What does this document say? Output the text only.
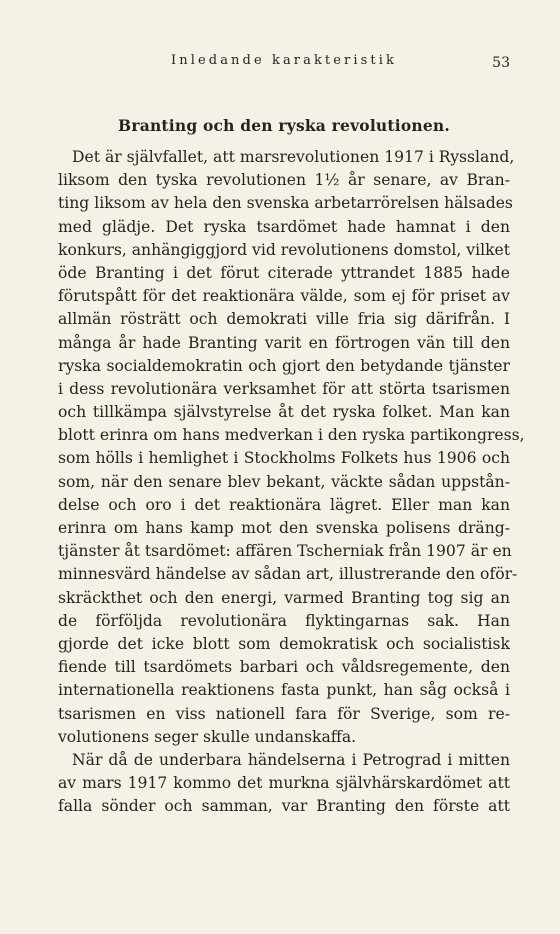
Inledande karakteristik	53
Branting och den ryska revolutionen.
Det är självfallet, att marsrevolutionen 1917 i Ryssland,
liksom den tyska revolutionen 1½ år senare, av Bran-
ting liksom av hela den svenska arbetarrörelsen hälsades
med glädje. Det ryska tsardömet hade hamnat i den
konkurs, anhängiggjord vid revolutionens domstol, vilket
öde Branting i det förut citerade yttrandet 1885 hade
förutspått för det reaktionära välde, som ej för priset av
allmän rösträtt och demokrati ville fria sig därifrån. I
många år hade Branting varit en förtrogen vän till den
ryska socialdemokratin och gjort den betydande tjänster
i dess revolutionära verksamhet för att störta tsarismen
och tillkämpa självstyrelse åt det ryska folket. Man kan
blott erinra om hans medverkan i den ryska partikongress,
som hölls i hemlighet i Stockholms Folkets hus 1906 och
som, när den senare blev bekant, väckte sådan uppstån-
delse och oro i det reaktionära lägret. Eller man kan
erinra om hans kamp mot den svenska polisens dräng-
tjänster åt tsardömet: affären Tscherniak från 1907 är en
minnesvärd händelse av sådan art, illustrerande den oför-
skräckthet och den energi, varmed Branting tog sig an
de förföljda revolutionära flyktingarnas sak. Han
gjorde det icke blott som demokratisk och socialistisk
fiende till tsardömets barbari och våldsregemente, den
internationella reaktionens fasta punkt, han såg också i
tsarismen en viss nationell fara för Sverige, som re-
volutionens seger skulle undanskaffa.
När då de underbara händelserna i Petrograd i mitten
av mars 1917 kommo det murkna självhärskardömet att
falla sönder och samman, var Branting den förste att
